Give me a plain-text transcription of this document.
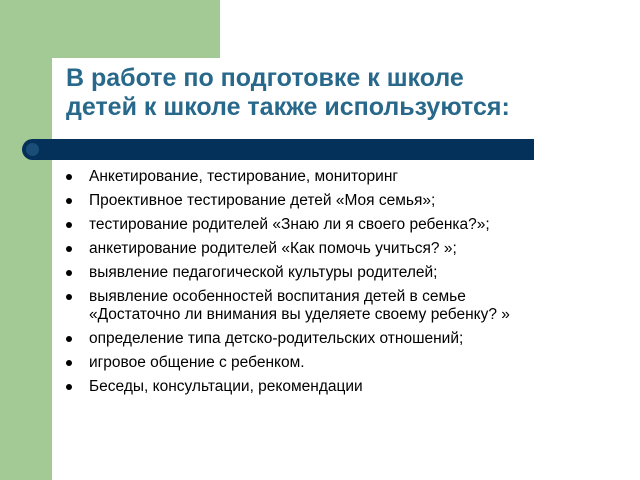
В работе по подготовке к школе
детей к школе также используются:
Анкетирование, тестирование, мониторинг
Проективное тестирование детей «Моя семья»;
тестирование родителей «Знаю ли я своего ребенка?»;
анкетирование родителей «Как помочь учиться? »;
выявление педагогической культуры родителей;
выявление особенностей воспитания детей в семье
«Достаточно ли внимания вы уделяете своему ребенку? »
определение типа детско-родительских отношений;
игровое общение с ребенком.
Беседы, консультации, рекомендации
